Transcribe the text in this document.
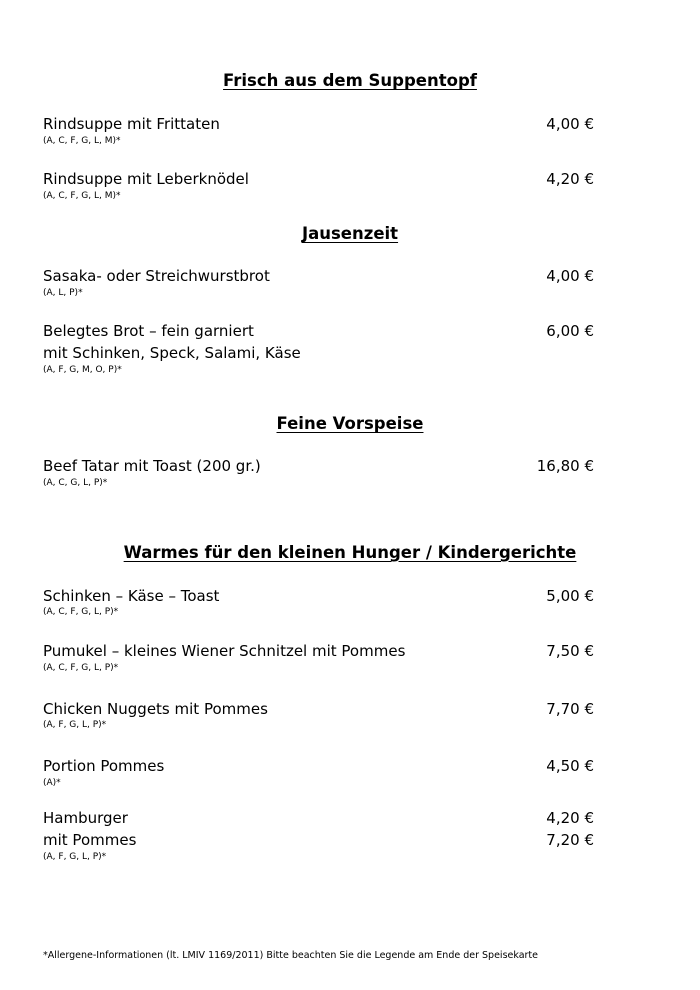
Frisch aus dem Suppentopf
Rindsuppe mit Frittaten	4,00 €
(A, C, F, G, L, M)*
Rindsuppe mit Leberknödel	4,20 €
(A, C, F, G, L, M)*
Jausenzeit
Sasaka- oder Streichwurstbrot	4,00 €
(A, L, P)*
Belegtes Brot – fein garniert	6,00 €
mit Schinken, Speck, Salami, Käse
(A, F, G, M, O, P)*
Feine Vorspeise
Beef Tatar mit Toast (200 gr.)	16,80 €
(A, C, G, L, P)*
Warmes für den kleinen Hunger / Kindergerichte
Schinken – Käse – Toast	5,00 €
(A, C, F, G, L, P)*
Pumukel – kleines Wiener Schnitzel mit Pommes	7,50 €
(A, C, F, G, L, P)*
Chicken Nuggets mit Pommes	7,70 €
(A, F, G, L, P)*
Portion Pommes	4,50 €
(A)*
Hamburger	4,20 €
mit Pommes	7,20 €
(A, F, G, L, P)*
*Allergene-Informationen (lt. LMIV 1169/2011) Bitte beachten Sie die Legende am Ende der Speisekarte
